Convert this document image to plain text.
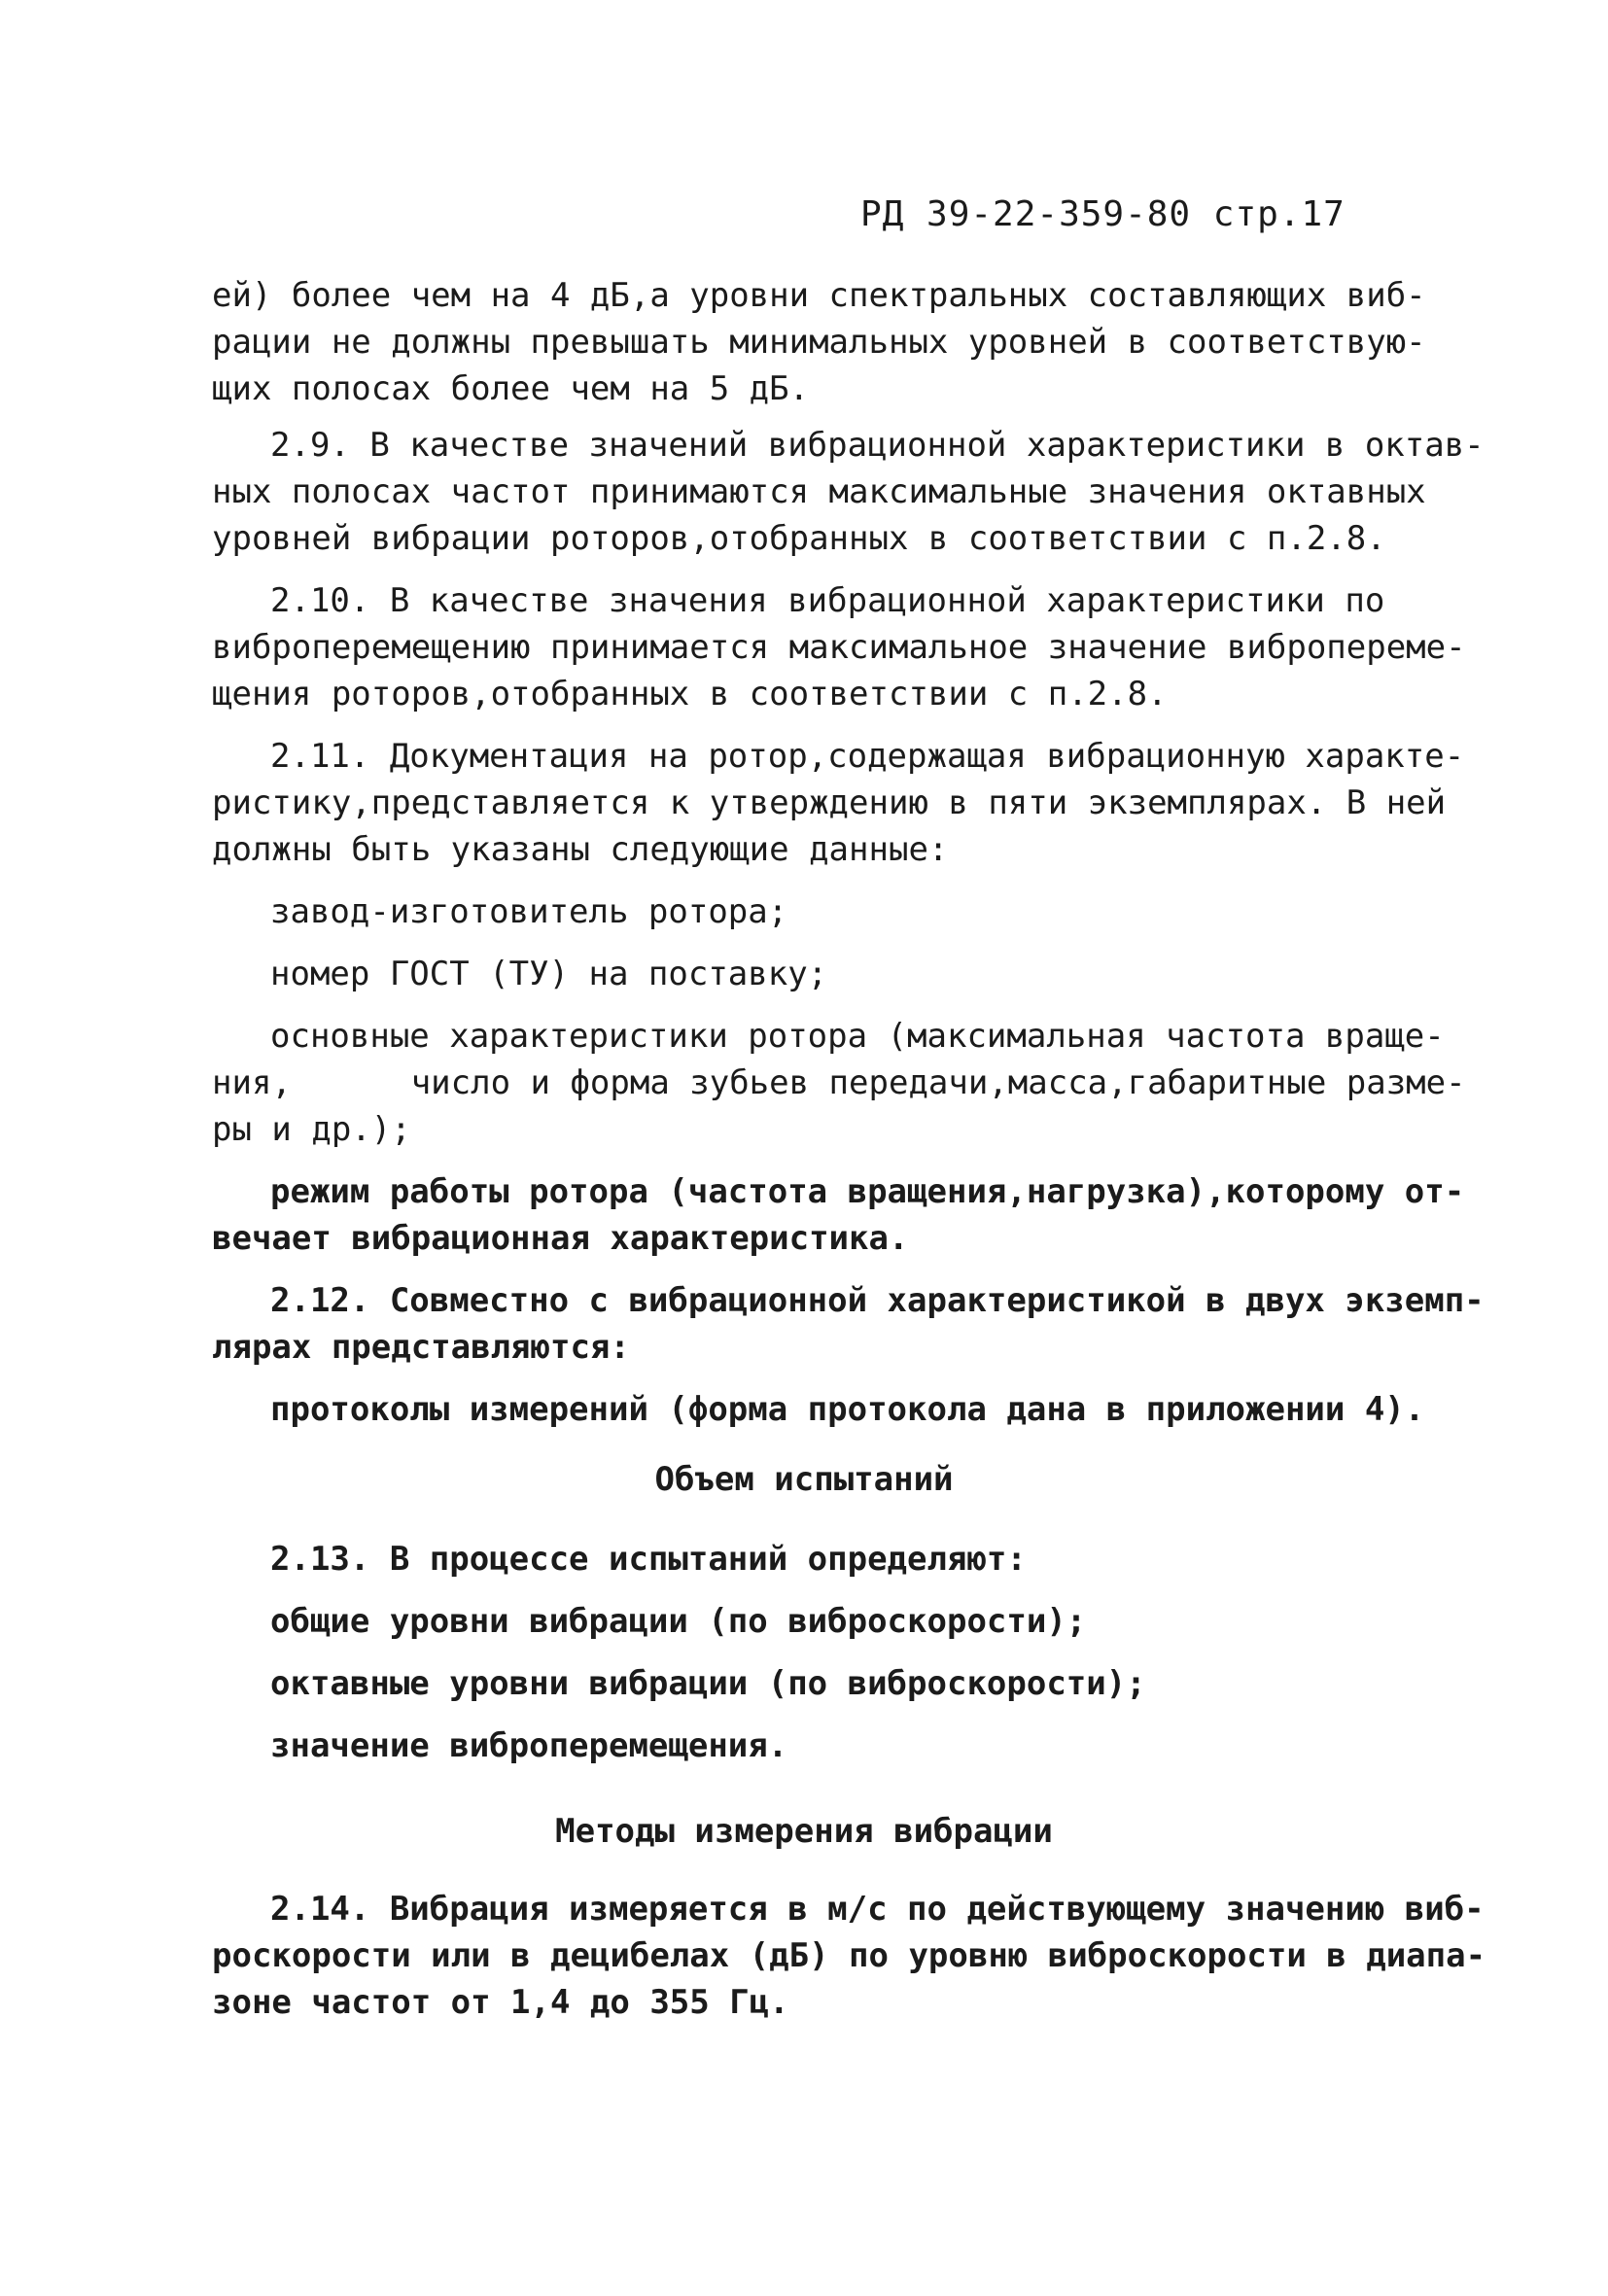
РД 39-22-359-80 стр.17
ей) более чем на 4 дБ,а уровни спектральных составляющих виб-
рации не должны превышать минимальных уровней в соответствую-
щих полосах более чем на 5 дБ.
2.9. В качестве значений вибрационной характеристики в октав-
ных полосах частот принимаются максимальные значения октавных
уровней вибрации роторов,отобранных в соответствии с п.2.8.
2.10. В качестве значения вибрационной характеристики по
виброперемещению принимается максимальное значение вибропереме-
щения роторов,отобранных в соответствии с п.2.8.
2.11. Документация на ротор,содержащая вибрационную характе-
ристику,представляется к утверждению в пяти экземплярах. В ней
должны быть указаны следующие данные:
завод-изготовитель ротора;
номер ГОСТ (ТУ) на поставку;
основные характеристики ротора (максимальная частота враще-
ния,      число и форма зубьев передачи,масса,габаритные разме-
ры и др.);
режим работы ротора (частота вращения,нагрузка),которому от-
вечает вибрационная характеристика.
2.12. Совместно с вибрационной характеристикой в двух экземп-
лярах представляются:
протоколы измерений (форма протокола дана в приложении 4).
Объем испытаний
2.13. В процессе испытаний определяют:
общие уровни вибрации (по виброскорости);
октавные уровни вибрации (по виброскорости);
значение виброперемещения.
Методы измерения вибрации
2.14. Вибрация измеряется в м/с по действующему значению виб-
роскорости или в децибелах (дБ) по уровню виброскорости в диапа-
зоне частот от 1,4 до 355 Гц.
